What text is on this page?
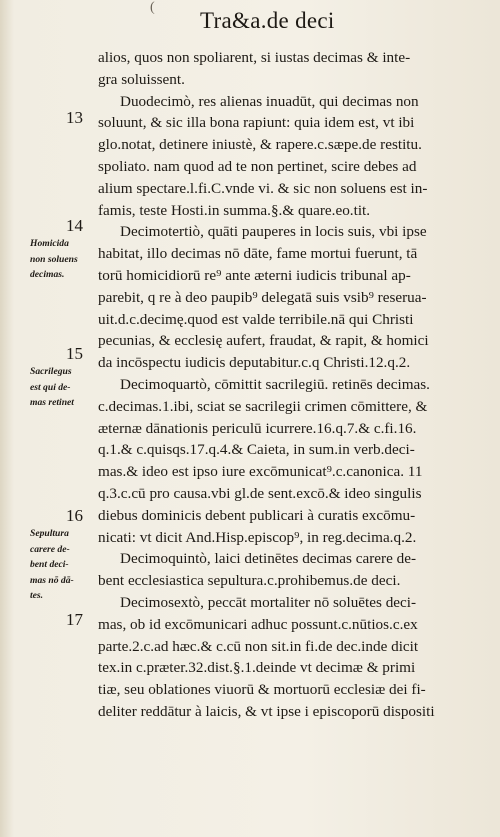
(
Tra&a.de deci
alios, quos non spoliarent, si iustas decimas & inte-
gra soluissent.
Duodecimò, res alienas inuadūt, qui decimas non
soluunt, & sic illa bona rapiunt: quia idem est, vt ibi
glo.notat, detinere iniustè, & rapere.c.sæpe.de restitu.
spoliato. nam quod ad te non pertinet, scire debes ad
alium spectare.l.fi.C.vnde vi. & sic non soluens est in-
famis, teste Hosti.in summa.§.& quare.eo.tit.
Decimotertiò, quāti pauperes in locis suis, vbi ipse
habitat, illo decimas nō dāte, fame mortui fuerunt, tā
torū homicidiorū re⁹ ante æterni iudicis tribunal ap-
parebit, q re à deo paupib⁹ delegatā suis vsib⁹ reserua-
uit.d.c.decimę.quod est valde terribile.nā qui Christi
pecunias, & ecclesię aufert, fraudat, & rapit, & homici
da incōspectu iudicis deputabitur.c.q Christi.12.q.2.
Decimoquartò, cōmittit sacrilegiū. retinēs decimas.
c.decimas.1.ibi, sciat se sacrilegii crimen cōmittere, &
æternæ dānationis periculū icurrere.16.q.7.& c.fi.16.
q.1.& c.quisqs.17.q.4.& Caieta, in sum.in verb.deci-
mas.& ideo est ipso iure excōmunicat⁹.c.canonica. 11
q.3.c.cū pro causa.vbi gl.de sent.excō.& ideo singulis
diebus dominicis debent publicari à curatis excōmu-
nicati: vt dicit And.Hisp.episcop⁹, in reg.decima.q.2.
Decimoquintò, laici detinētes decimas carere de-
bent ecclesiastica sepultura.c.prohibemus.de deci.
Decimosextò, peccāt mortaliter nō soluētes deci-
mas, ob id excōmunicari adhuc possunt.c.nūtios.c.ex
parte.2.c.ad hæc.& c.cū non sit.in fi.de dec.inde dicit
tex.in c.præter.32.dist.§.1.deinde vt decimæ & primi
tiæ, seu oblationes viuorū & mortuorū ecclesiæ dei fi-
deliter reddātur à laicis, & vt ipse i episcoporū dispositi
13
14
15
16
17
Homicida
non soluens
decimas.
Sacrilegus
est qui de-
mas retinet
Sepultura
carere de-
bent deci-
mas nō dā-
tes.
